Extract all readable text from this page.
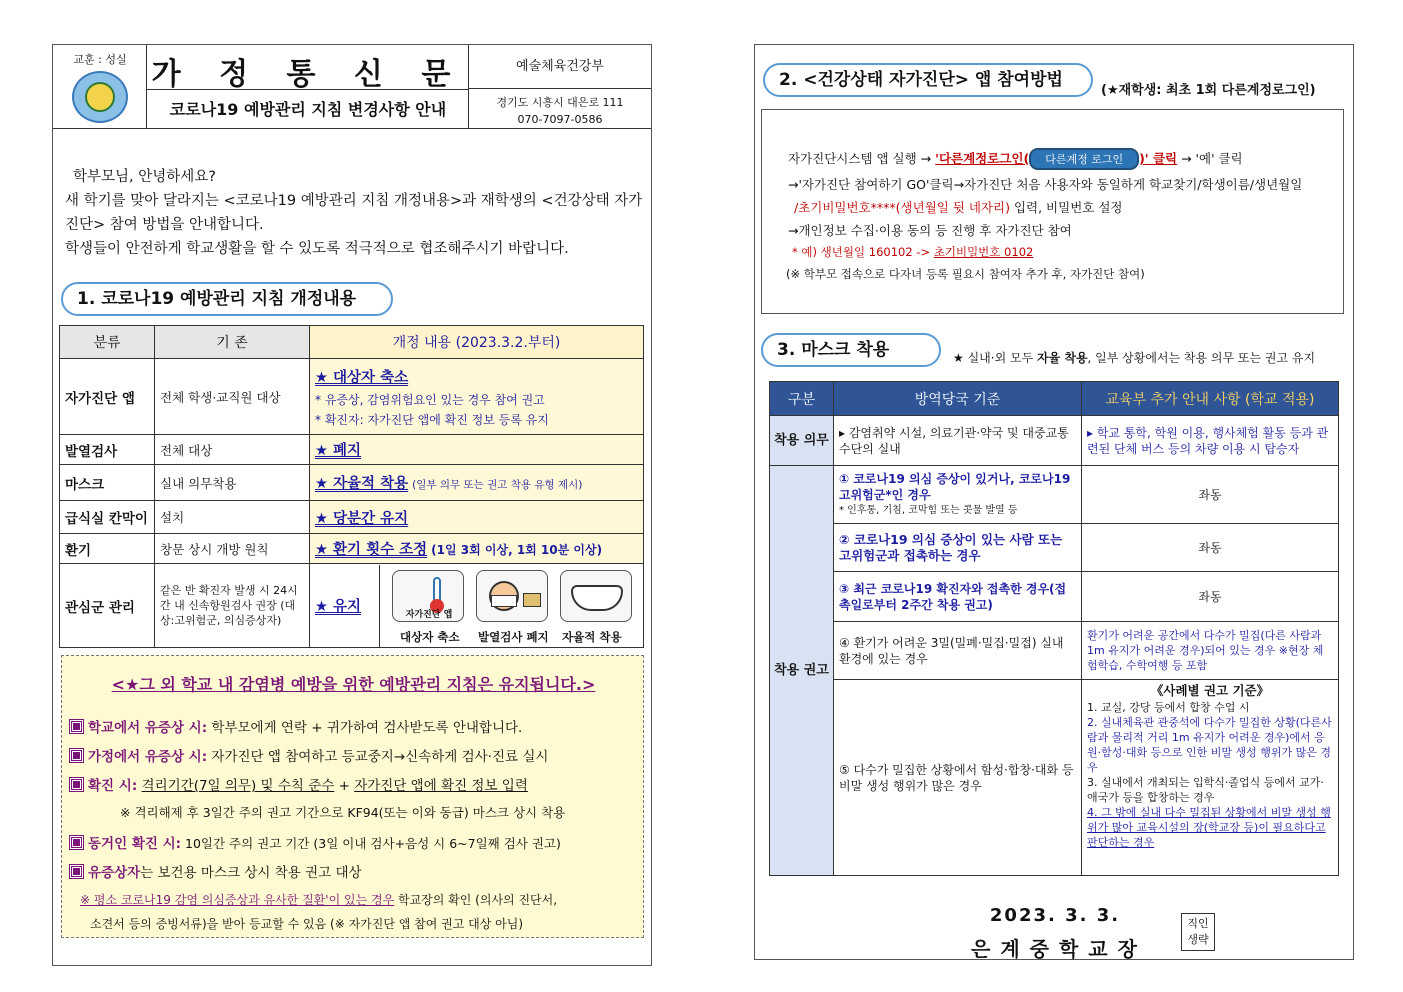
교훈 : 성실 가 정 통 신 문
코로나19 예방관리 지침 변경사항 안내
예술체육건강부
경기도 시흥시 대은로 111
070-7097-0586
학부모님, 안녕하세요?
새 학기를 맞아 달라지는 <코로나19 예방관리 지침 개정내용>과 재학생의 <건강상태 자가진단> 참여 방법을 안내합니다.
학생들이 안전하게 학교생활을 할 수 있도록 적극적으로 협조해주시기 바랍니다.
1. 코로나19 예방관리 지침 개정내용
분류	기 존	개정 내용 (2023.3.2.부터)
자가진단 앱	전체 학생·교직원 대상	★ 대상자 축소
* 유증상, 감염위험요인 있는 경우 참여 권고
* 확진자: 자가진단 앱에 확진 정보 등록 유지

발열검사	전체 대상	★ 폐지
마스크	실내 의무착용	★ 자율적 착용 (일부 의무 또는 권고 착용 유형 제시)
급식실 칸막이	설치	★ 당분간 유지
환기	창문 상시 개방 원칙	★ 환기 횟수 조정 (1일 3회 이상, 1회 10분 이상)
관심군 관리	같은 반 확진자 발생 시 24시간 내 신속항원검사 권장 (대상:고위험군, 의심증상자)	★ 유지 자가진단 앱
대상자 축소 발열검사 폐지 자율적 착용
<★그 외 학교 내 감염병 예방을 위한 예방관리 지침은 유지됩니다.>
학교에서 유증상 시: 학부모에게 연락 + 귀가하여 검사받도록 안내합니다.
가정에서 유증상 시: 자가진단 앱 참여하고 등교중지→신속하게 검사·진료 실시
확진 시: 격리기간(7일 의무) 및 수칙 준수 + 자가진단 앱에 확진 정보 입력
※ 격리해제 후 3일간 주의 권고 기간으로 KF94(또는 이와 동급) 마스크 상시 착용
동거인 확진 시: 10일간 주의 권고 기간 (3일 이내 검사+음성 시 6~7일째 검사 권고)
유증상자는 보건용 마스크 상시 착용 권고 대상
※ 평소 코로나19 감염 의심증상과 유사한 질환'이 있는 경우 학교장의 확인 (의사의 진단서,
소견서 등의 증빙서류)을 받아 등교할 수 있음 (※ 자가진단 앱 참여 권고 대상 아님)
2. <건강상태 자가진단> 앱 참여방법
(★재학생: 최초 1회 다른계정로그인)
자가진단시스템 앱 실행 → '다른계정로그인( 다른계정 로그인 )' 클릭 → '예' 클릭
→'자가진단 참여하기 GO'클릭→자가진단 처음 사용자와 동일하게 학교찾기/학생이름/생년월일
/초기비밀번호****(생년월일 뒷 네자리) 입력, 비밀번호 설정
→개인정보 수집·이용 동의 등 진행 후 자가진단 참여
* 예) 생년월일 160102 -> 초기비밀번호 0102
(※ 학부모 접속으로 다자녀 등록 필요시 참여자 추가 후, 자가진단 참여)
3. 마스크 착용	★ 실내·외 모두 자율 착용, 일부 상황에서는 착용 의무 또는 권고 유지
구분	방역당국 기준	교육부 추가 안내 사항 (학교 적용)
착용 의무	▸ 감염취약 시설, 의료기관·약국 및 대중교통수단의 실내	▸ 학교 통학, 학원 이용, 행사체험 활동 등과 관련된 단체 버스 등의 차량 이용 시 탑승자
착용 권고	① 코로나19 의심 증상이 있거나, 코로나19 고위험군*인 경우
* 인후통, 기침, 코막힘 또는 콧물 발열 등	좌동
	② 코로나19 의심 증상이 있는 사람 또는 고위험군과 접촉하는 경우	좌동
	③ 최근 코로나19 확진자와 접촉한 경우(접촉일로부터 2주간 착용 권고)	좌동
	④ 환기가 어려운 3밀(밀폐·밀집·밀접) 실내 환경에 있는 경우	환기가 어려운 공간에서 다수가 밀집(다른 사람과 1m 유지가 어려운 경우)되어 있는 경우 ※현장 체험학습, 수학여행 등 포함
	⑤ 다수가 밀집한 상황에서 함성·합창·대화 등 비말 생성 행위가 많은 경우	《사례별 권고 기준》
1. 교실, 강당 등에서 합창 수업 시
2. 실내체육관 관중석에 다수가 밀집한 상황(다른사람과 물리적 거리 1m 유지가 어려운 경우)에서 응원·함성·대화 등으로 인한 비말 생성 행위가 많은 경우
3. 실내에서 개최되는 입학식·졸업식 등에서 교가·애국가 등을 합창하는 경우
4. 그 밖에 실내 다수 밀집된 상황에서 비말 생성 행위가 많아 교육시설의 장(학교장 등)이 필요하다고 판단하는 경우
2023. 3. 3.
은계중학교장
직인
생략
